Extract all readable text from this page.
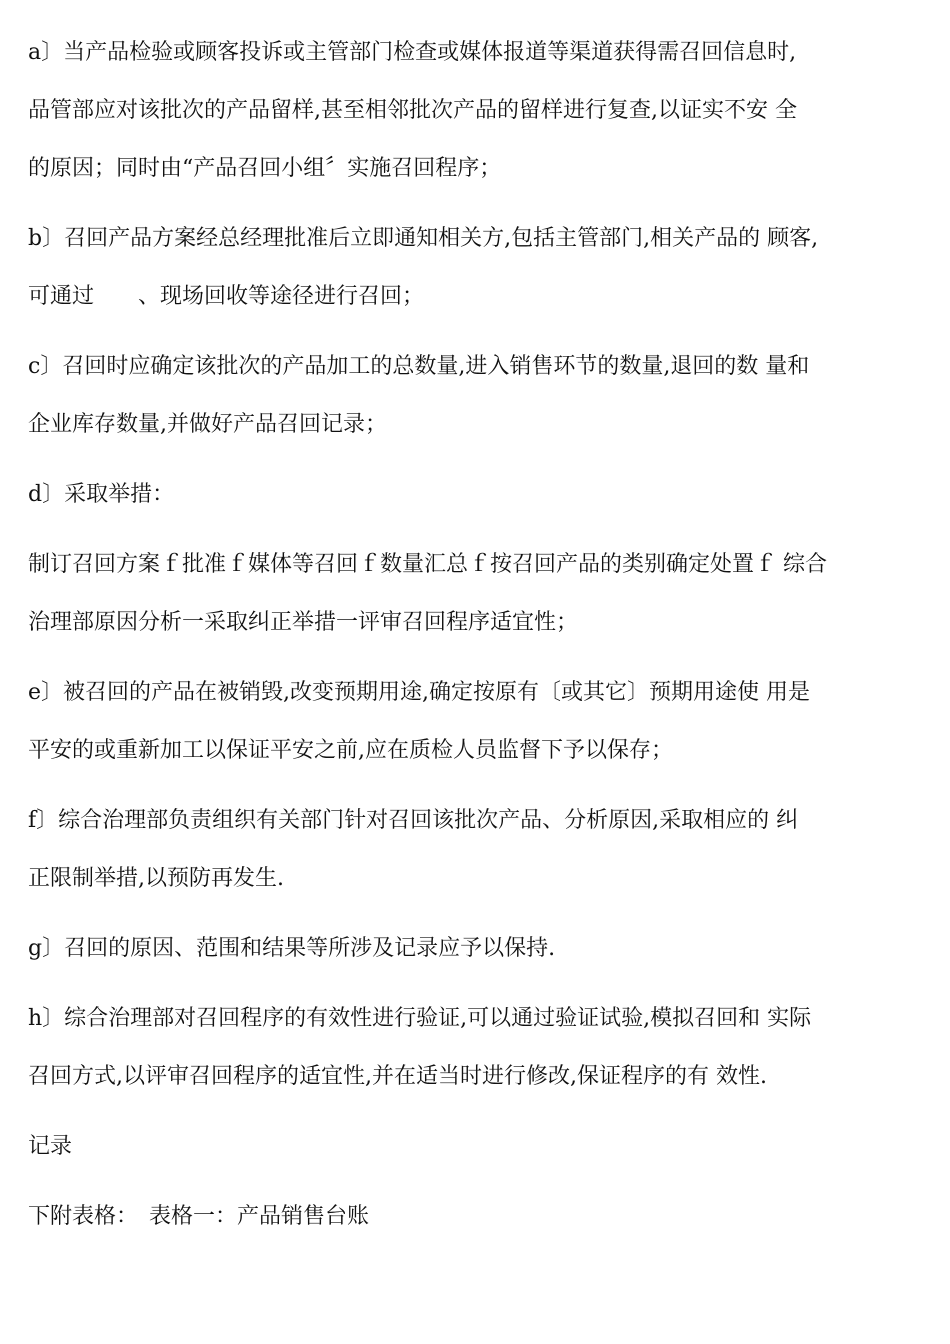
a〕当产品检验或顾客投诉或主管部门检查或媒体报道等渠道获得需召回信息时,
品管部应对该批次的产品留样,甚至相邻批次产品的留样进行复查,以证实不安 全
的原因；同时由“产品召回小组〞实施召回程序；

b〕召回产品方案经总经理批准后立即通知相关方,包括主管部门,相关产品的 顾客,
可通过　　、现场回收等途径进行召回；

c〕召回时应确定该批次的产品加工的总数量,进入销售环节的数量,退回的数 量和
企业库存数量,并做好产品召回记录；

d〕采取举措：

制订召回方案ｆ批准ｆ媒体等召回ｆ数量汇总ｆ按召回产品的类别确定处置ｆ 综合
治理部原因分析一采取纠正举措一评审召回程序适宜性；

e〕被召回的产品在被销毁,改变预期用途,确定按原有〔或其它〕预期用途使 用是
平安的或重新加工以保证平安之前,应在质检人员监督下予以保存；

f〕综合治理部负责组织有关部门针对召回该批次产品、分析原因,采取相应的 纠
正限制举措,以预防再发生.

g〕召回的原因、范围和结果等所涉及记录应予以保持.

h〕综合治理部对召回程序的有效性进行验证,可以通过验证试验,模拟召回和 实际
召回方式,以评审召回程序的适宜性,并在适当时进行修改,保证程序的有 效性.

记录

下附表格：　表格一：产品销售台账
